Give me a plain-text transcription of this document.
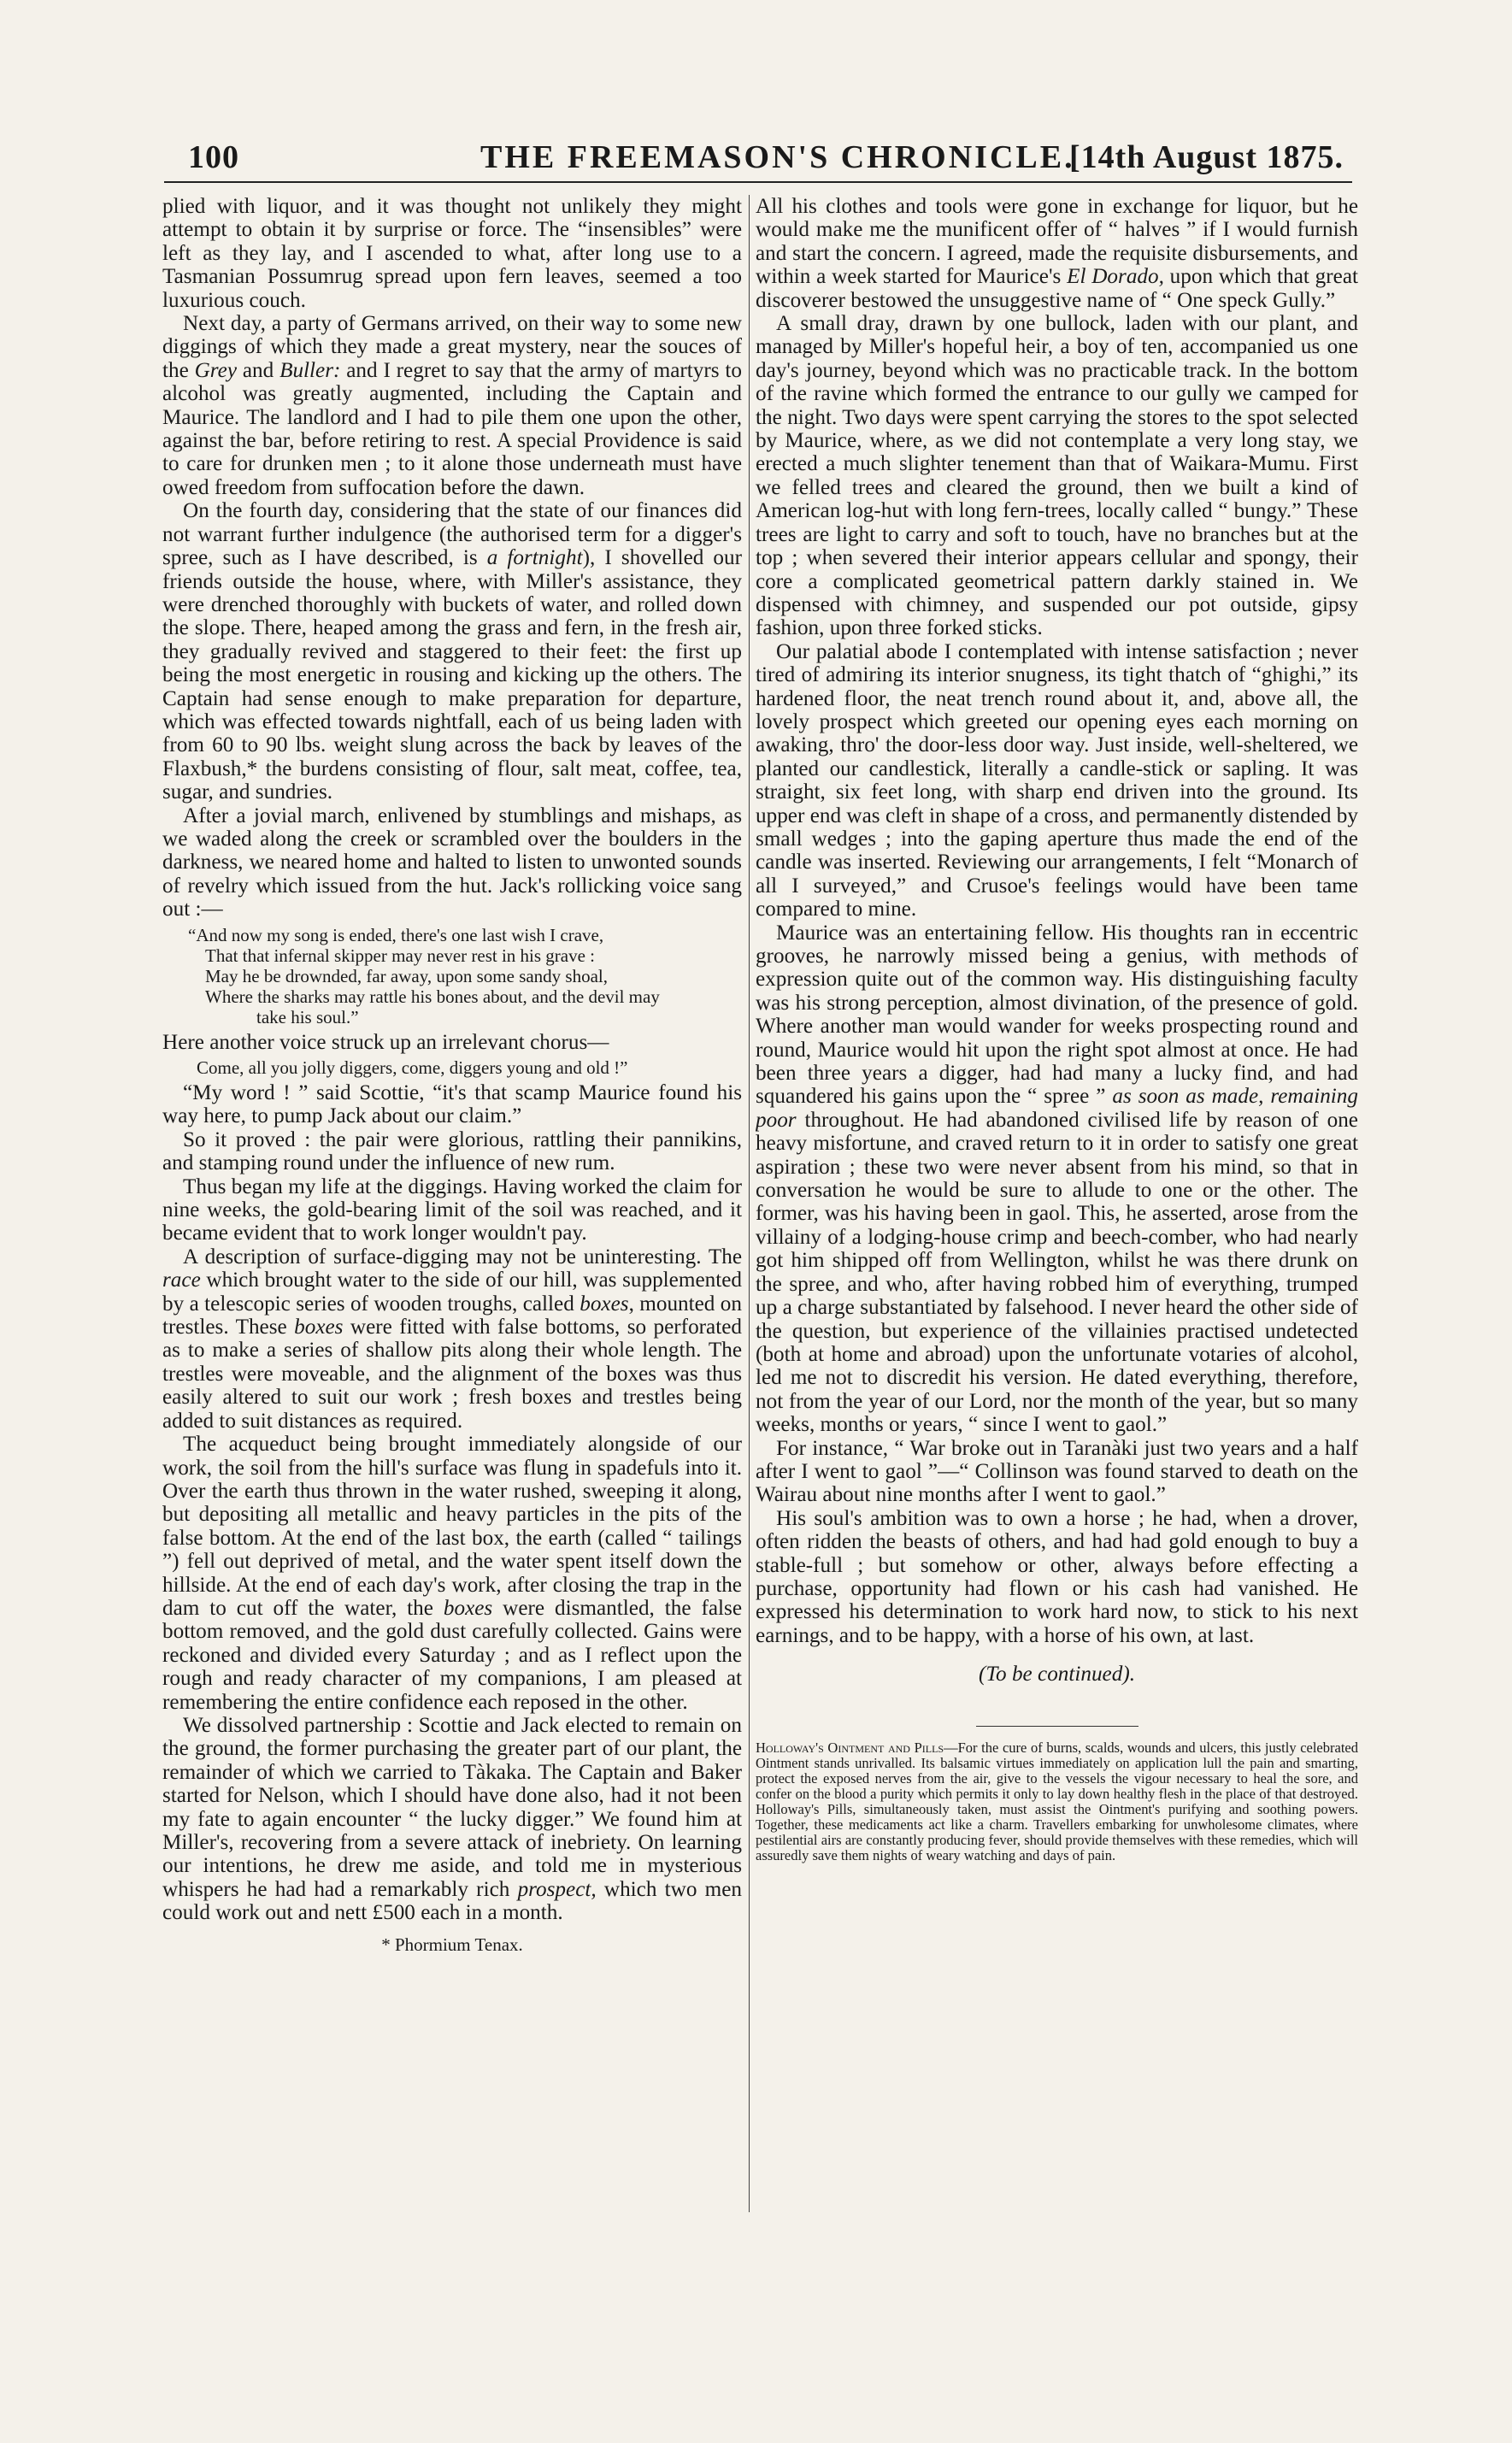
100	THE FREEMASON'S CHRONICLE.
[14th August 1875.

plied with liquor, and it was thought not unlikely they might attempt to obtain it by surprise or force. The “insensibles” were left as they lay, and I ascended to what, after long use to a Tasmanian Possumrug spread upon fern leaves, seemed a too luxurious couch.

Next day, a party of Germans arrived, on their way to some new diggings of which they made a great mystery, near the souces of the Grey and Buller: and I regret to say that the army of martyrs to alcohol was greatly augmented, including the Captain and Maurice. The landlord and I had to pile them one upon the other, against the bar, before retiring to rest. A special Providence is said to care for drunken men ; to it alone those underneath must have owed freedom from suffocation before the dawn.

On the fourth day, considering that the state of our finances did not warrant further indulgence (the authorised term for a digger's spree, such as I have described, is a fortnight), I shovelled our friends outside the house, where, with Miller's assistance, they were drenched thoroughly with buckets of water, and rolled down the slope. There, heaped among the grass and fern, in the fresh air, they gradually revived and staggered to their feet: the first up being the most energetic in rousing and kicking up the others. The Captain had sense enough to make preparation for departure, which was effected towards nightfall, each of us being laden with from 60 to 90 lbs. weight slung across the back by leaves of the Flaxbush,* the burdens consisting of flour, salt meat, coffee, tea, sugar, and sundries.

After a jovial march, enlivened by stumblings and mishaps, as we waded along the creek or scrambled over the boulders in the darkness, we neared home and halted to listen to unwonted sounds of revelry which issued from the hut. Jack's rollicking voice sang out :—

“And now my song is ended, there's one last wish I crave,
That that infernal skipper may never rest in his grave :
May he be drownded, far away, upon some sandy shoal,
Where the sharks may rattle his bones about, and the devil may
take his soul.”

Here another voice struck up an irrelevant chorus—

Come, all you jolly diggers, come, diggers young and old !”

“My word ! ” said Scottie, “it's that scamp Maurice found his way here, to pump Jack about our claim.”

So it proved : the pair were glorious, rattling their pannikins, and stamping round under the influence of new rum.

Thus began my life at the diggings. Having worked the claim for nine weeks, the gold-bearing limit of the soil was reached, and it became evident that to work longer wouldn't pay.

A description of surface-digging may not be uninteresting. The race which brought water to the side of our hill, was supplemented by a telescopic series of wooden troughs, called boxes, mounted on trestles. These boxes were fitted with false bottoms, so perforated as to make a series of shallow pits along their whole length. The trestles were moveable, and the alignment of the boxes was thus easily altered to suit our work ; fresh boxes and trestles being added to suit distances as required.

The acqueduct being brought immediately alongside of our work, the soil from the hill's surface was flung in spadefuls into it. Over the earth thus thrown in the water rushed, sweeping it along, but depositing all metallic and heavy particles in the pits of the false bottom. At the end of the last box, the earth (called “ tailings ”) fell out deprived of metal, and the water spent itself down the hillside. At the end of each day's work, after closing the trap in the dam to cut off the water, the boxes were dismantled, the false bottom removed, and the gold dust carefully collected. Gains were reckoned and divided every Saturday ; and as I reflect upon the rough and ready character of my companions, I am pleased at remembering the entire confidence each reposed in the other.

We dissolved partnership : Scottie and Jack elected to remain on the ground, the former purchasing the greater part of our plant, the remainder of which we carried to Tàkaka. The Captain and Baker started for Nelson, which I should have done also, had it not been my fate to again encounter “ the lucky digger.” We found him at Miller's, recovering from a severe attack of inebriety. On learning our intentions, he drew me aside, and told me in mysterious whispers he had had a remarkably rich prospect, which two men could work out and nett £500 each in a month.

* Phormium Tenax.

All his clothes and tools were gone in exchange for liquor, but he would make me the munificent offer of “ halves ” if I would furnish and start the concern. I agreed, made the requisite disbursements, and within a week started for Maurice's El Dorado, upon which that great discoverer bestowed the unsuggestive name of “ One speck Gully.”

A small dray, drawn by one bullock, laden with our plant, and managed by Miller's hopeful heir, a boy of ten, accompanied us one day's journey, beyond which was no practicable track. In the bottom of the ravine which formed the entrance to our gully we camped for the night. Two days were spent carrying the stores to the spot selected by Maurice, where, as we did not contemplate a very long stay, we erected a much slighter tenement than that of Waikara-Mumu. First we felled trees and cleared the ground, then we built a kind of American log-hut with long fern-trees, locally called “ bungy.” These trees are light to carry and soft to touch, have no branches but at the top ; when severed their interior appears cellular and spongy, their core a complicated geometrical pattern darkly stained in. We dispensed with chimney, and suspended our pot outside, gipsy fashion, upon three forked sticks.

Our palatial abode I contemplated with intense satisfaction ; never tired of admiring its interior snugness, its tight thatch of “ghighi,” its hardened floor, the neat trench round about it, and, above all, the lovely prospect which greeted our opening eyes each morning on awaking, thro' the door-less door way. Just inside, well-sheltered, we planted our candlestick, literally a candle-stick or sapling. It was straight, six feet long, with sharp end driven into the ground. Its upper end was cleft in shape of a cross, and permanently distended by small wedges ; into the gaping aperture thus made the end of the candle was inserted. Reviewing our arrangements, I felt “Monarch of all I surveyed,” and Crusoe's feelings would have been tame compared to mine.

Maurice was an entertaining fellow. His thoughts ran in eccentric grooves, he narrowly missed being a genius, with methods of expression quite out of the common way. His distinguishing faculty was his strong perception, almost divination, of the presence of gold. Where another man would wander for weeks prospecting round and round, Maurice would hit upon the right spot almost at once. He had been three years a digger, had had many a lucky find, and had squandered his gains upon the “ spree ” as soon as made, remaining poor throughout. He had abandoned civilised life by reason of one heavy misfortune, and craved return to it in order to satisfy one great aspiration ; these two were never absent from his mind, so that in conversation he would be sure to allude to one or the other. The former, was his having been in gaol. This, he asserted, arose from the villainy of a lodging-house crimp and beech-comber, who had nearly got him shipped off from Wellington, whilst he was there drunk on the spree, and who, after having robbed him of everything, trumped up a charge substantiated by falsehood. I never heard the other side of the question, but experience of the villainies practised undetected (both at home and abroad) upon the unfortunate votaries of alcohol, led me not to discredit his version. He dated everything, therefore, not from the year of our Lord, nor the month of the year, but so many weeks, months or years, “ since I went to gaol.”

For instance, “ War broke out in Taranàki just two years and a half after I went to gaol ”—“ Collinson was found starved to death on the Wairau about nine months after I went to gaol.”

His soul's ambition was to own a horse ; he had, when a drover, often ridden the beasts of others, and had had gold enough to buy a stable-full ; but somehow or other, always before effecting a purchase, opportunity had flown or his cash had vanished. He expressed his determination to work hard now, to stick to his next earnings, and to be happy, with a horse of his own, at last.

(To be continued).

Holloway's Ointment and Pills—For the cure of burns, scalds, wounds and ulcers, this justly celebrated Ointment stands unrivalled. Its balsamic virtues immediately on application lull the pain and smarting, protect the exposed nerves from the air, give to the vessels the vigour necessary to heal the sore, and confer on the blood a purity which permits it only to lay down healthy flesh in the place of that destroyed. Holloway's Pills, simultaneously taken, must assist the Ointment's purifying and soothing powers. Together, these medicaments act like a charm. Travellers embarking for unwholesome climates, where pestilential airs are constantly producing fever, should provide themselves with these remedies, which will assuredly save them nights of weary watching and days of pain.
